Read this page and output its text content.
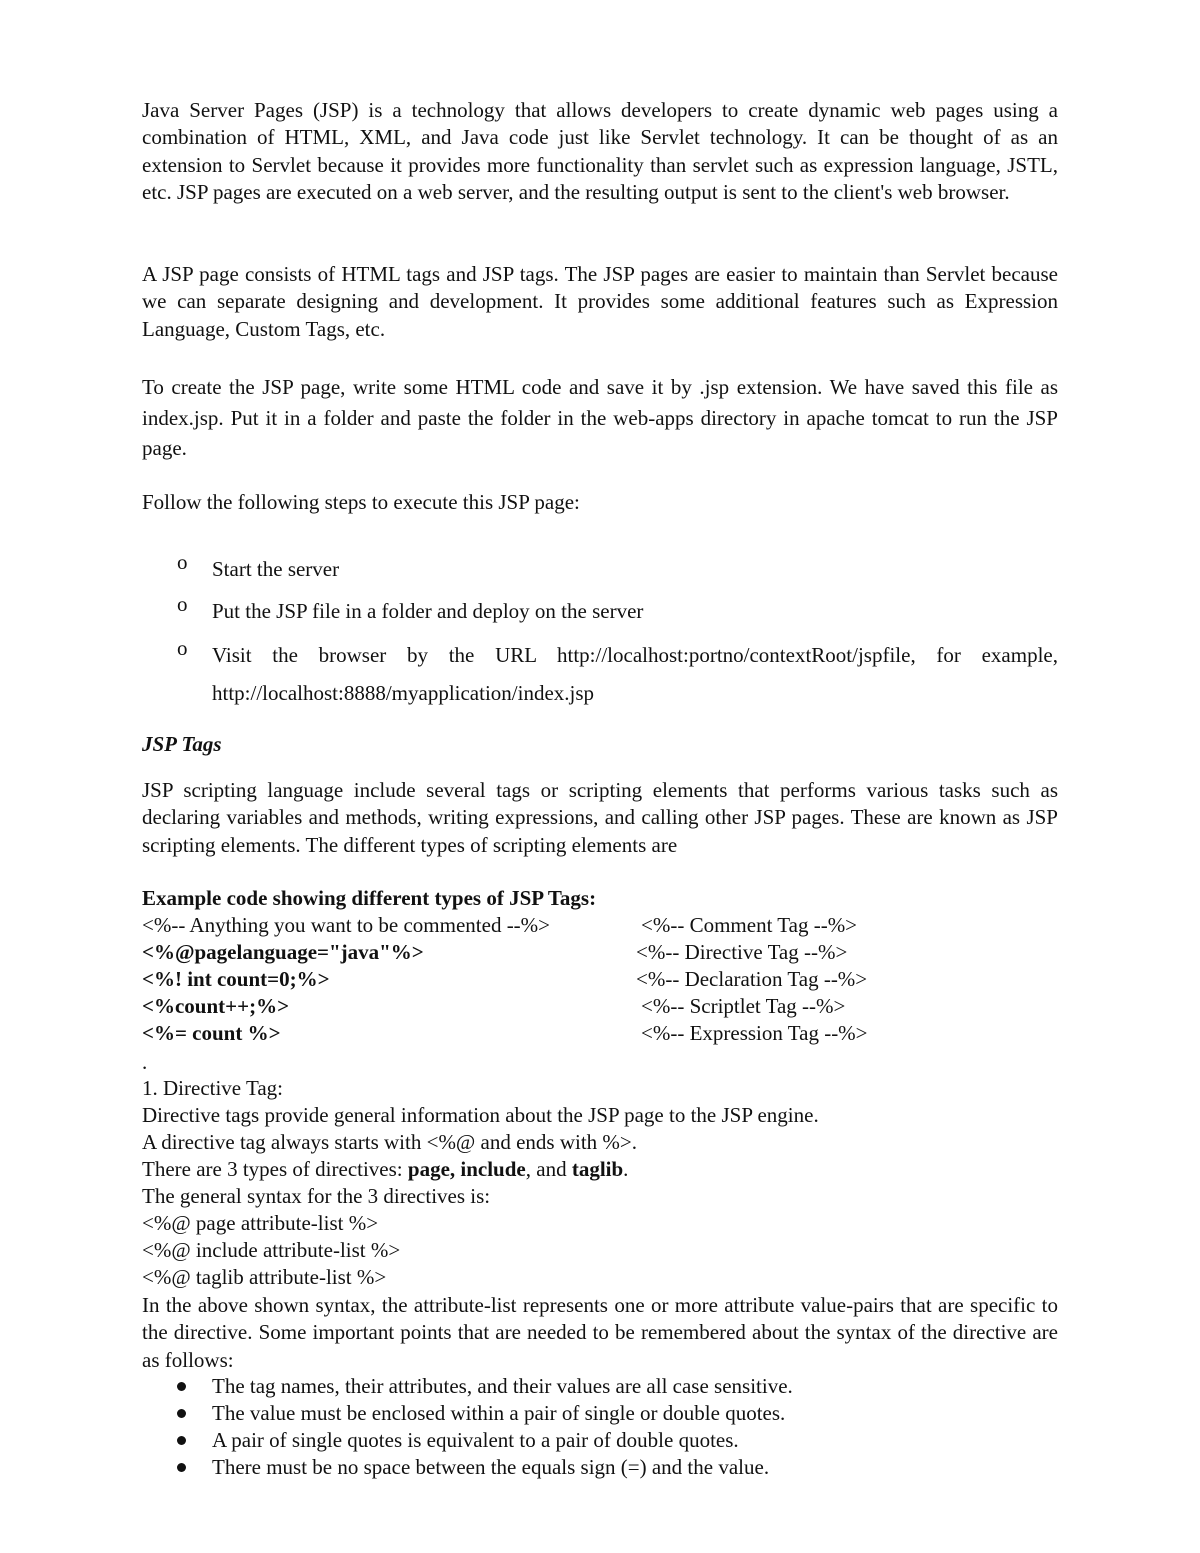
Java Server Pages (JSP) is a technology that allows developers to create dynamic web pages using a combination of HTML, XML, and Java code just like Servlet technology. It can be thought of as an extension to Servlet because it provides more functionality than servlet such as expression language, JSTL, etc. JSP pages are executed on a web server, and the resulting output is sent to the client's web browser.
A JSP page consists of HTML tags and JSP tags. The JSP pages are easier to maintain than Servlet because we can separate designing and development. It provides some additional features such as Expression Language, Custom Tags, etc.
To create the JSP page, write some HTML code and save it by .jsp extension. We have saved this file as index.jsp. Put it in a folder and paste the folder in the web-apps directory in apache tomcat to run the JSP page.
Follow the following steps to execute this JSP page:
o Start the server
o Put the JSP file in a folder and deploy on the server
o Visit the browser by the URL http://localhost:portno/contextRoot/jspfile, for example, http://localhost:8888/myapplication/index.jsp
JSP Tags
JSP scripting language include several tags or scripting elements that performs various tasks such as declaring variables and methods, writing expressions, and calling other JSP pages. These are known as JSP scripting elements. The different types of scripting elements are
Example code showing different types of JSP Tags:
<%-- Anything you want to be commented --%>	<%-- Comment Tag --%>
<%@pagelanguage="java"%>	<%-- Directive Tag --%>
<%! int count=0;%>	<%-- Declaration Tag --%>
<%count++;%>	<%-- Scriptlet Tag --%>
<%= count %>	<%-- Expression Tag --%>
.
1. Directive Tag:
Directive tags provide general information about the JSP page to the JSP engine.
A directive tag always starts with <%@ and ends with %>.
There are 3 types of directives: page, include, and taglib.
The general syntax for the 3 directives is:
<%@ page attribute-list %>
<%@ include attribute-list %>
<%@ taglib attribute-list %>
In the above shown syntax, the attribute-list represents one or more attribute value-pairs that are specific to the directive. Some important points that are needed to be remembered about the syntax of the directive are as follows:
The tag names, their attributes, and their values are all case sensitive.
The value must be enclosed within a pair of single or double quotes.
A pair of single quotes is equivalent to a pair of double quotes.
There must be no space between the equals sign (=) and the value.
